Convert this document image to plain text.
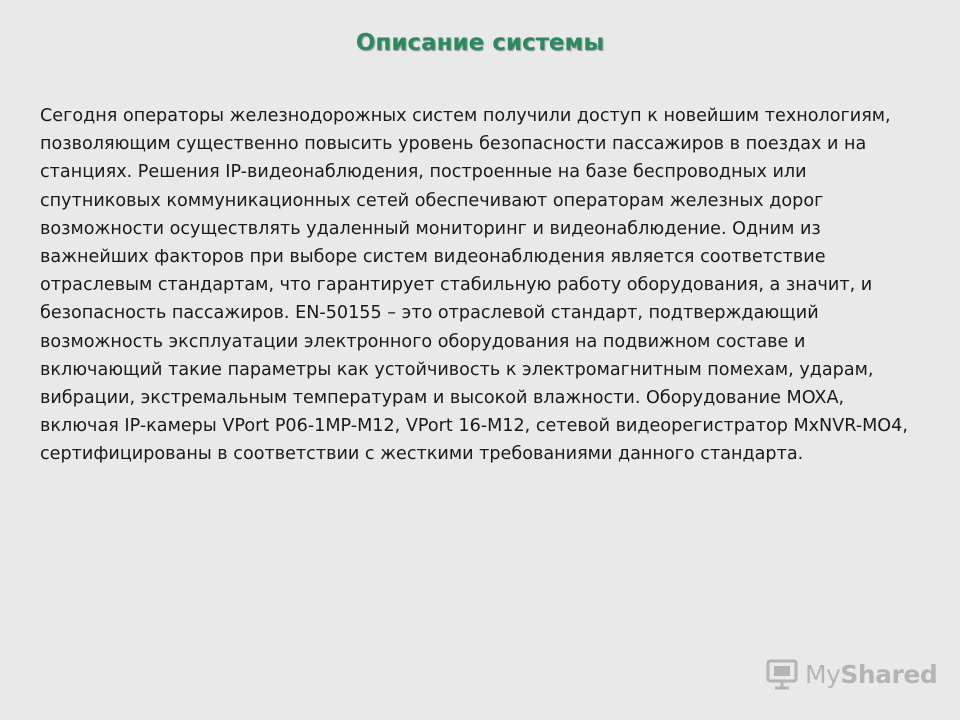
Описание системы

Сегодня операторы железнодорожных систем получили доступ к новейшим технологиям, позволяющим существенно повысить уровень безопасности пассажиров в поездах и на станциях. Решения IP-видеонаблюдения, построенные на базе беспроводных или спутниковых коммуникационных сетей обеспечивают операторам железных дорог возможности осуществлять удаленный мониторинг и видеонаблюдение. Одним из важнейших факторов при выборе систем видеонаблюдения является соответствие отраслевым стандартам, что гарантирует стабильную работу оборудования, а значит, и безопасность пассажиров. EN-50155 – это отраслевой стандарт, подтверждающий возможность эксплуатации электронного оборудования на подвижном составе и включающий такие параметры как устойчивость к электромагнитным помехам, ударам, вибрации, экстремальным температурам и высокой влажности. Оборудование MOXA, включая IP-камеры VPort P06-1MP-M12, VPort 16-M12, сетевой видеорегистратор MxNVR-MO4, сертифицированы в соответствии с жесткими требованиями данного стандарта.

MyShared
